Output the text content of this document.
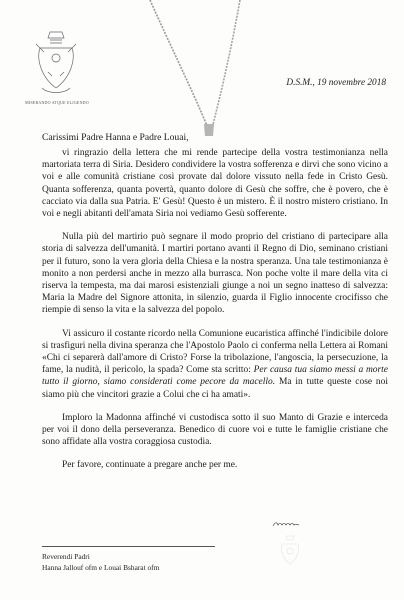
MISERANDO ATQUE ELIGENDO
D.S.M., 19 novembre 2018
Carissimi Padre Hanna e Padre Louai,

vi ringrazio della lettera che mi rende partecipe della vostra testimonianza nella martoriata terra di Siria. Desidero condividere la vostra sofferenza e dirvi che sono vicino a voi e alle comunità cristiane così provate dal dolore vissuto nella fede in Cristo Gesù. Quanta sofferenza, quanta povertà, quanto dolore di Gesù che soffre, che è povero, che è cacciato via dalla sua Patria. E' Gesù! Questo è un mistero. È il nostro mistero cristiano. In voi e negli abitanti dell'amata Siria noi vediamo Gesù sofferente.

Nulla più del martirio può segnare il modo proprio del cristiano di partecipare alla storia di salvezza dell'umanità. I martiri portano avanti il Regno di Dio, seminano cristiani per il futuro, sono la vera gloria della Chiesa e la nostra speranza. Una tale testimonianza è monito a non perdersi anche in mezzo alla burrasca. Non poche volte il mare della vita ci riserva la tempesta, ma dai marosi esistenziali giunge a noi un segno inatteso di salvezza: Maria la Madre del Signore attonita, in silenzio, guarda il Figlio innocente crocifisso che riempie di senso la vita e la salvezza del popolo.

Vi assicuro il costante ricordo nella Comunione eucaristica affinché l'indicibile dolore si trasfiguri nella divina speranza che l'Apostolo Paolo ci conferma nella Lettera ai Romani «Chi ci separerà dall'amore di Cristo? Forse la tribolazione, l'angoscia, la persecuzione, la fame, la nudità, il pericolo, la spada? Come sta scritto: Per causa tua siamo messi a morte tutto il giorno, siamo considerati come pecore da macello. Ma in tutte queste cose noi siamo più che vincitori grazie a Colui che ci ha amati».

Imploro la Madonna affinché vi custodisca sotto il suo Manto di Grazie e interceda per voi il dono della perseveranza. Benedico di cuore voi e tutte le famiglie cristiane che sono affidate alla vostra coraggiosa custodia.

Per favore, continuate a pregare anche per me.

Reverendi Padri
Hanna Jallouf ofm e Louai Bsharat ofm
